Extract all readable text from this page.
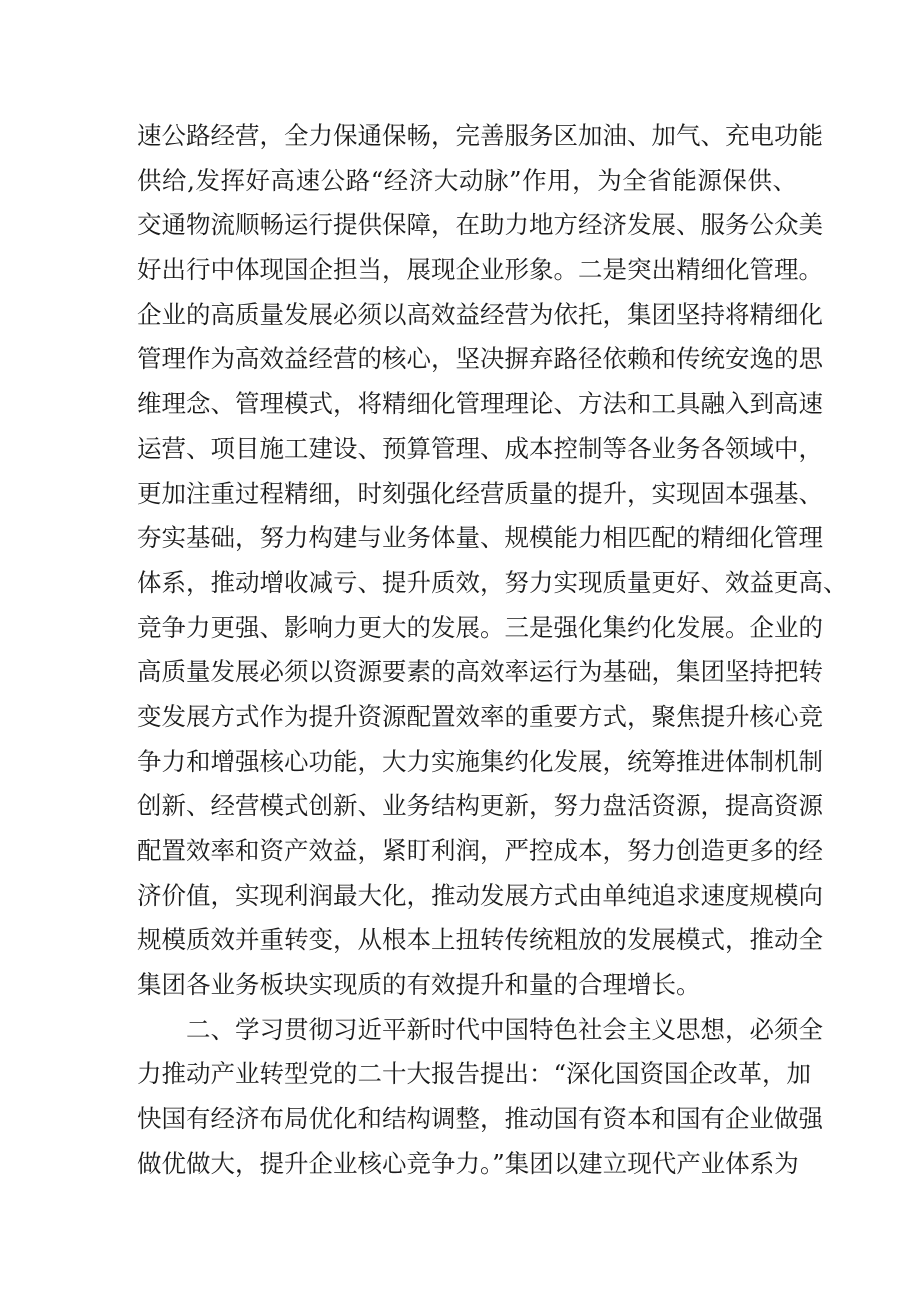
速公路经营，全力保通保畅，完善服务区加油、加气、充电功能
供给,发挥好高速公路“经济大动脉”作用，为全省能源保供、
交通物流顺畅运行提供保障，在助力地方经济发展、服务公众美
好出行中体现国企担当，展现企业形象。二是突出精细化管理。
企业的高质量发展必须以高效益经营为依托，集团坚持将精细化
管理作为高效益经营的核心，坚决摒弃路径依赖和传统安逸的思
维理念、管理模式，将精细化管理理论、方法和工具融入到高速
运营、项目施工建设、预算管理、成本控制等各业务各领域中，
更加注重过程精细，时刻强化经营质量的提升，实现固本强基、
夯实基础，努力构建与业务体量、规模能力相匹配的精细化管理
体系，推动增收减亏、提升质效，努力实现质量更好、效益更高、
竞争力更强、影响力更大的发展。三是强化集约化发展。企业的
高质量发展必须以资源要素的高效率运行为基础，集团坚持把转
变发展方式作为提升资源配置效率的重要方式，聚焦提升核心竞
争力和增强核心功能，大力实施集约化发展，统筹推进体制机制
创新、经营模式创新、业务结构更新，努力盘活资源，提高资源
配置效率和资产效益，紧盯利润，严控成本，努力创造更多的经
济价值，实现利润最大化，推动发展方式由单纯追求速度规模向
规模质效并重转变，从根本上扭转传统粗放的发展模式，推动全
集团各业务板块实现质的有效提升和量的合理增长。
二、学习贯彻习近平新时代中国特色社会主义思想，必须全
力推动产业转型党的二十大报告提出：“深化国资国企改革，加
快国有经济布局优化和结构调整，推动国有资本和国有企业做强
做优做大，提升企业核心竞争力。”集团以建立现代产业体系为
